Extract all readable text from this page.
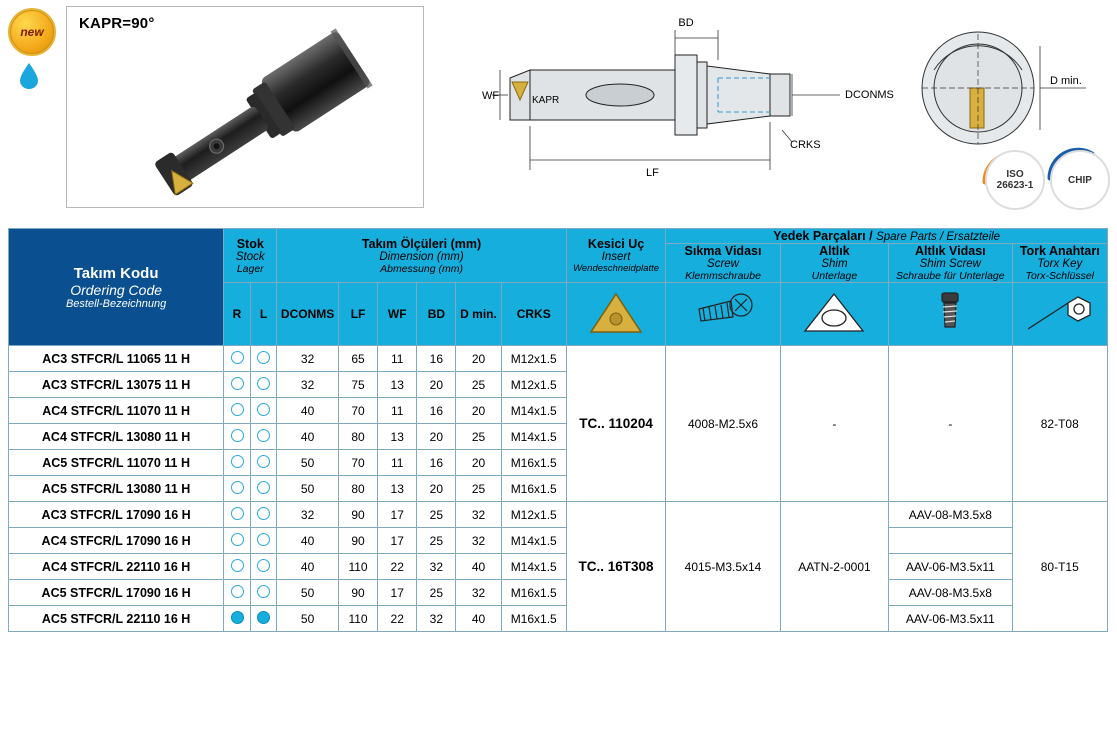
new KAPR=90°	BD
WF	KAPR	DCONMS
CRKS
LF
D min.
ISO
26623-1	CHIP
Takım Kodu
Ordering Code
Bestell-Bezeichnung

Stok
Stock
Lager

Takım Ölçüleri (mm)
Dimension (mm)
Abmessung (mm)

Kesici Uç
Insert
Wendeschneidplatte
	Yedek Parçaları / Spare Parts / Ersatzteile

Sıkma Vidası
Screw
Klemmschraube

Altlık
Shim
Unterlage

Altlık Vidası
Shim Screw
Schraube für Unterlage

Tork Anahtarı
Torx Key
Torx-Schlüssel

	R	L	DCONMS	LF	WF	BD	D min.	CRKS					
AC3 STFCR/L 11065 11 H			32	65	11	16	20	M12x1.5	TC.. 110204	4008-M2.5x6	-	-	82-T08
AC3 STFCR/L 13075 11 H			32	75	13	20	25	M12x1.5					
AC4 STFCR/L 11070 11 H			40	70	11	16	20	M14x1.5					
AC4 STFCR/L 13080 11 H			40	80	13	20	25	M14x1.5					
AC5 STFCR/L 11070 11 H			50	70	11	16	20	M16x1.5					
AC5 STFCR/L 13080 11 H			50	80	13	20	25	M16x1.5					
AC3 STFCR/L 17090 16 H			32	90	17	25	32	M12x1.5	TC.. 16T308	4015-M3.5x14	AATN-2-0001	AAV-08-M3.5x8	80-T15
AC4 STFCR/L 17090 16 H			40	90	17	25	32	M14x1.5					
AC4 STFCR/L 22110 16 H			40	110	22	32	40	M14x1.5				AAV-06-M3.5x11	
AC5 STFCR/L 17090 16 H			50	90	17	25	32	M16x1.5				AAV-08-M3.5x8	
AC5 STFCR/L 22110 16 H			50	110	22	32	40	M16x1.5				AAV-06-M3.5x11	
